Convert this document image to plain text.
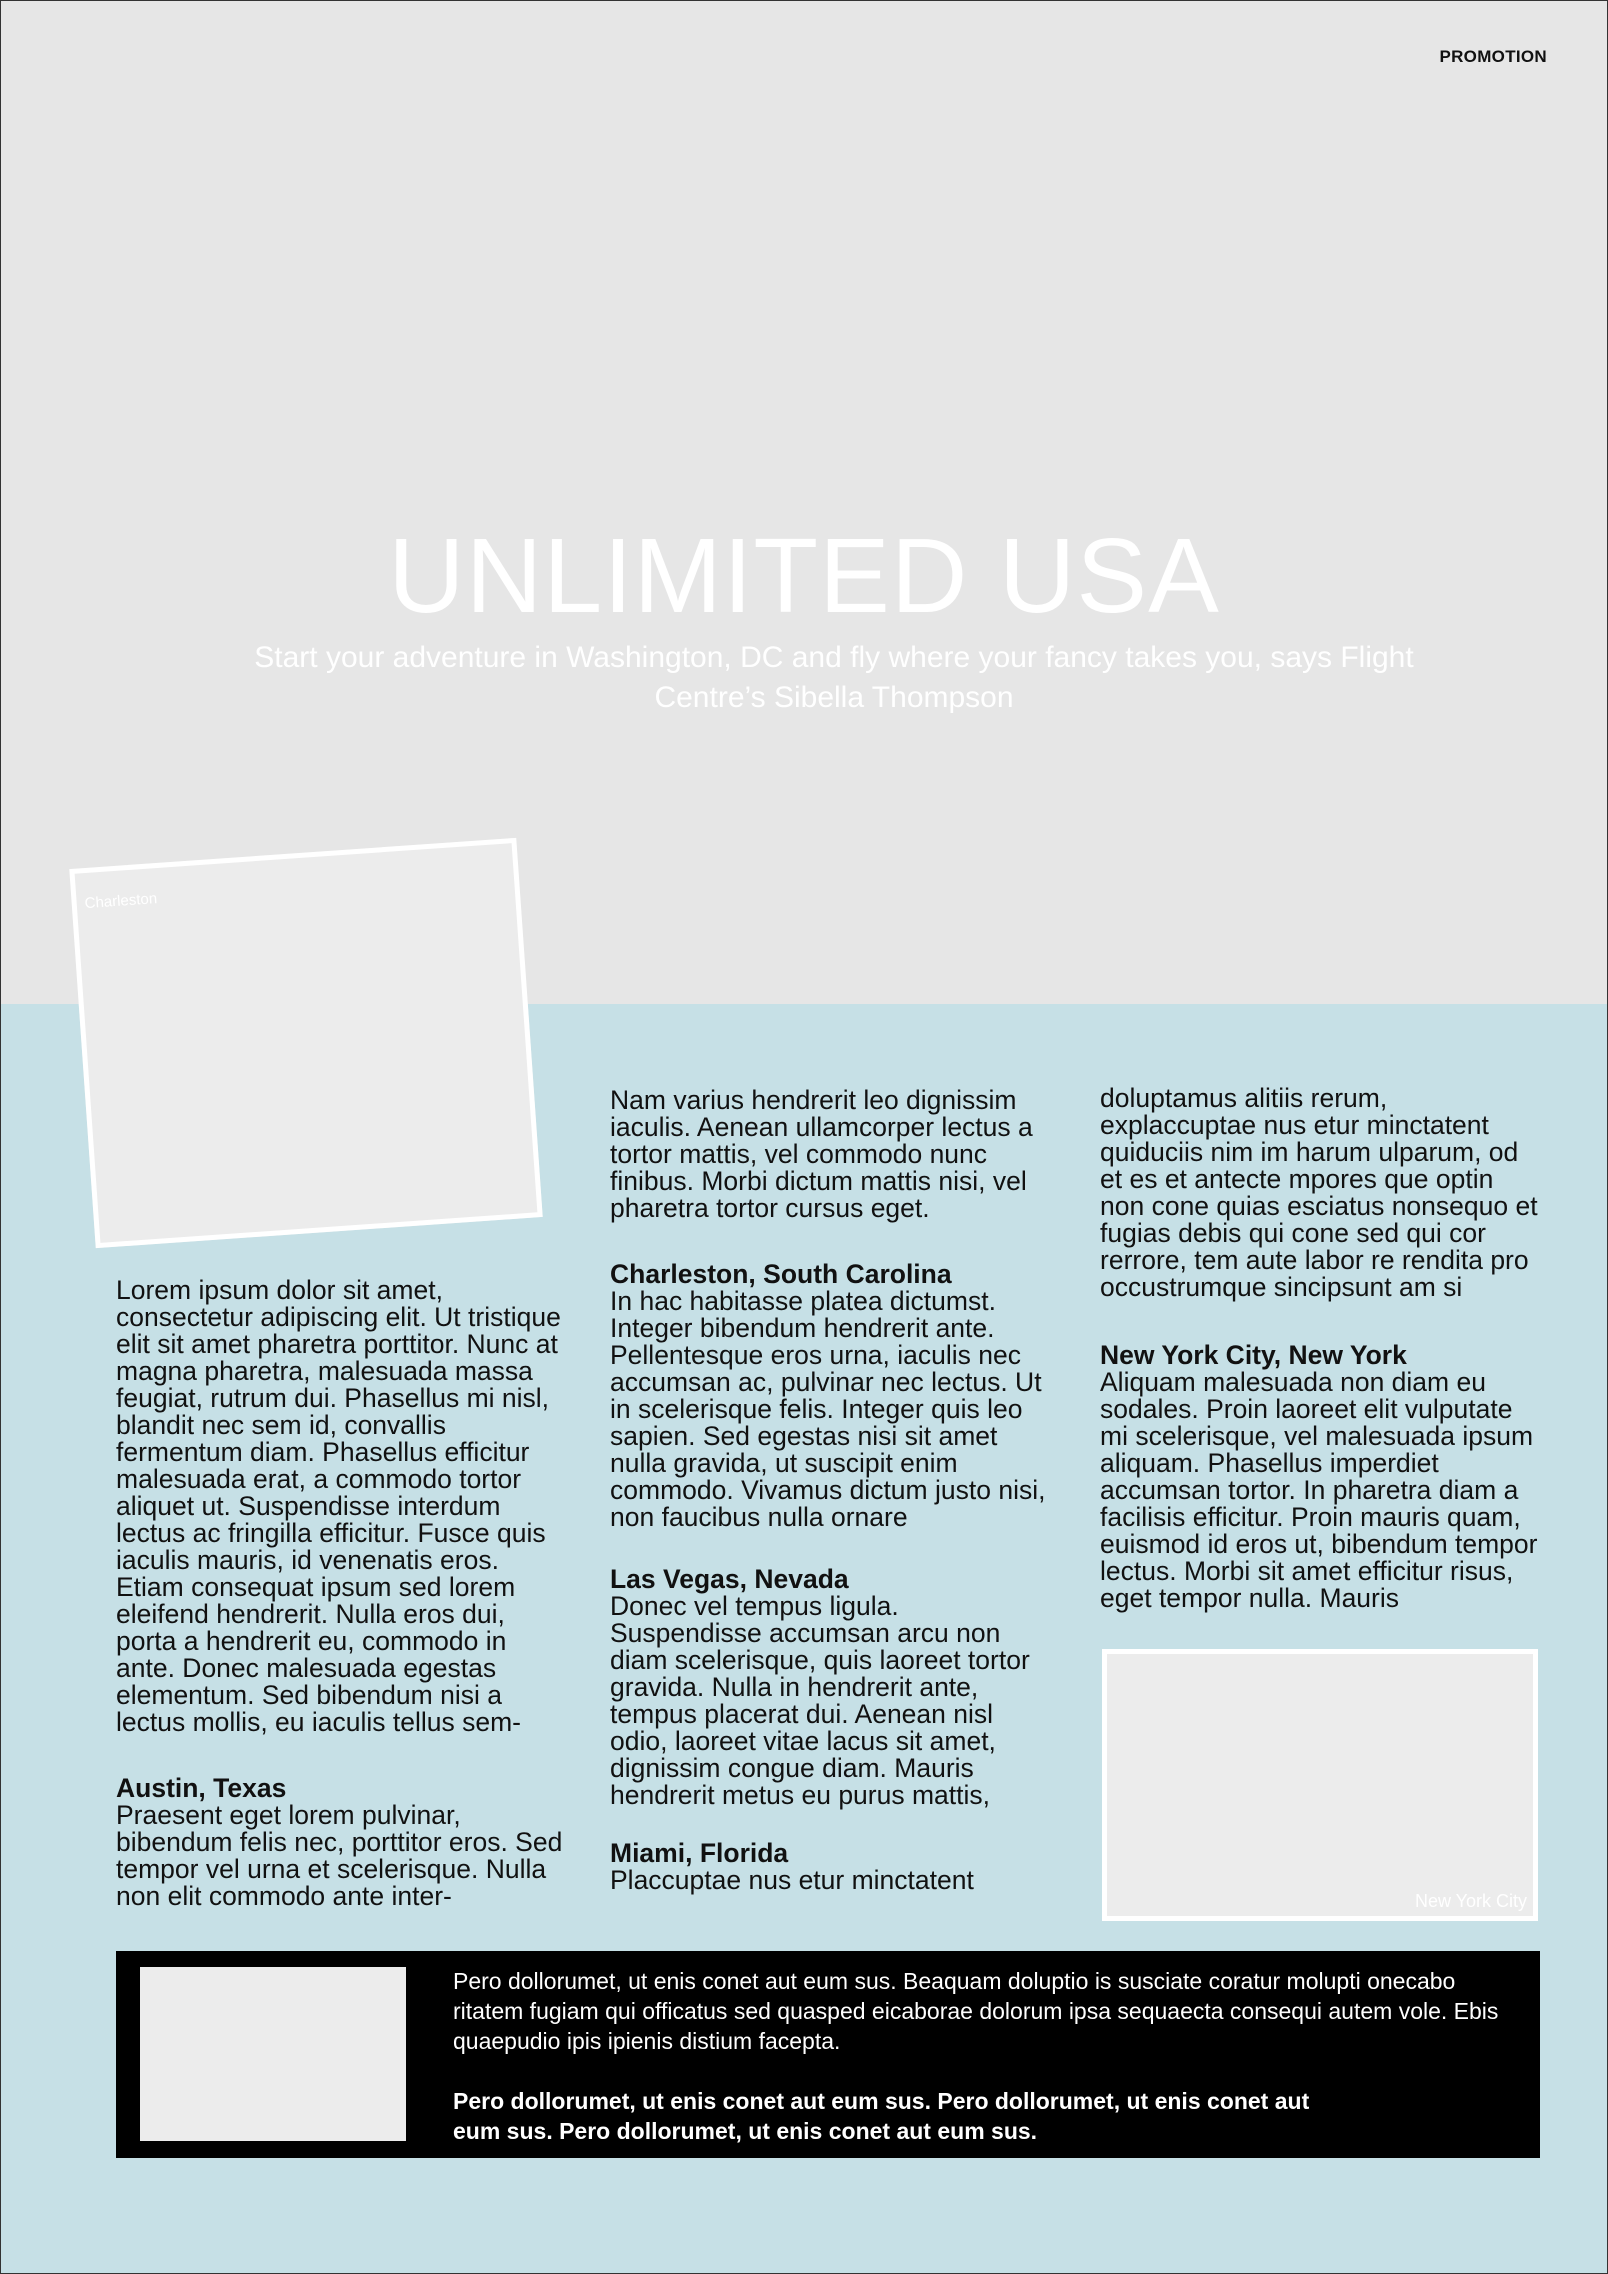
PROMOTION
UNLIMITED USA
Start your adventure in Washington, DC and fly where your fancy takes you, says Flight Centre’s Sibella Thompson
Charleston

Lorem ipsum dolor sit amet, consectetur adipiscing elit. Ut tristique elit sit amet pharetra porttitor. Nunc at magna pharetra, malesuada massa feugiat, rutrum dui. Phasellus mi nisl, blandit nec sem id, convallis fermentum diam. Phasellus efficitur malesuada erat, a commodo tortor aliquet ut. Suspendisse interdum lectus ac fringilla efficitur. Fusce quis iaculis mauris, id venenatis eros. Etiam consequat ipsum sed lorem eleifend hendrerit. Nulla eros dui, porta a hendrerit eu, commodo in ante. Donec malesuada egestas elementum. Sed bibendum nisi a lectus mollis, eu iaculis tellus sem-

Austin, Texas

Praesent eget lorem pulvinar, bibendum felis nec, porttitor eros. Sed tempor vel urna et scelerisque. Nulla non elit commodo ante inter-

Nam varius hendrerit leo dignissim iaculis. Aenean ullamcorper lectus a tortor mattis, vel commodo nunc finibus. Morbi dictum mattis nisi, vel pharetra tortor cursus eget.

Charleston, South Carolina

In hac habitasse platea dictumst. Integer bibendum hendrerit ante. Pellentesque eros urna, iaculis nec accumsan ac, pulvinar nec lectus. Ut in scelerisque felis. Integer quis leo sapien. Sed egestas nisi sit amet nulla gravida, ut suscipit enim commodo. Vivamus dictum justo nisi, non faucibus nulla ornare

Las Vegas, Nevada

Donec vel tempus ligula. Suspendisse accumsan arcu non diam scelerisque, quis laoreet tortor gravida. Nulla in hendrerit ante, tempus placerat dui. Aenean nisl odio, laoreet vitae lacus sit amet, dignissim congue diam. Mauris hendrerit metus eu purus mattis,

Miami, Florida

Placcuptae nus etur minctatent

doluptamus alitiis rerum, explaccuptae nus etur minctatent quiduciis nim im harum ulparum, od et es et antecte mpores que optin non cone quias esciatus nonsequo et fugias debis qui cone sed qui cor rerrore, tem aute labor re rendita pro occustrumque sincipsunt am si

New York City, New York

Aliquam malesuada non diam eu sodales. Proin laoreet elit vulputate mi scelerisque, vel malesuada ipsum aliquam. Phasellus imperdiet accumsan tortor. In pharetra diam a facilisis efficitur. Proin mauris quam, euismod id eros ut, bibendum tempor lectus. Morbi sit amet efficitur risus, eget tempor nulla. Mauris

New York City

Pero dollorumet, ut enis conet aut eum sus. Beaquam doluptio is susciate coratur molupti onecabo ritatem fugiam qui officatus sed quasped eicaborae dolorum ipsa sequaecta consequi autem vole. Ebis quaepudio ipis ipienis distium facepta.

Pero dollorumet, ut enis conet aut eum sus. Pero dollorumet, ut enis conet aut eum sus. Pero dollorumet, ut enis conet aut eum sus.
